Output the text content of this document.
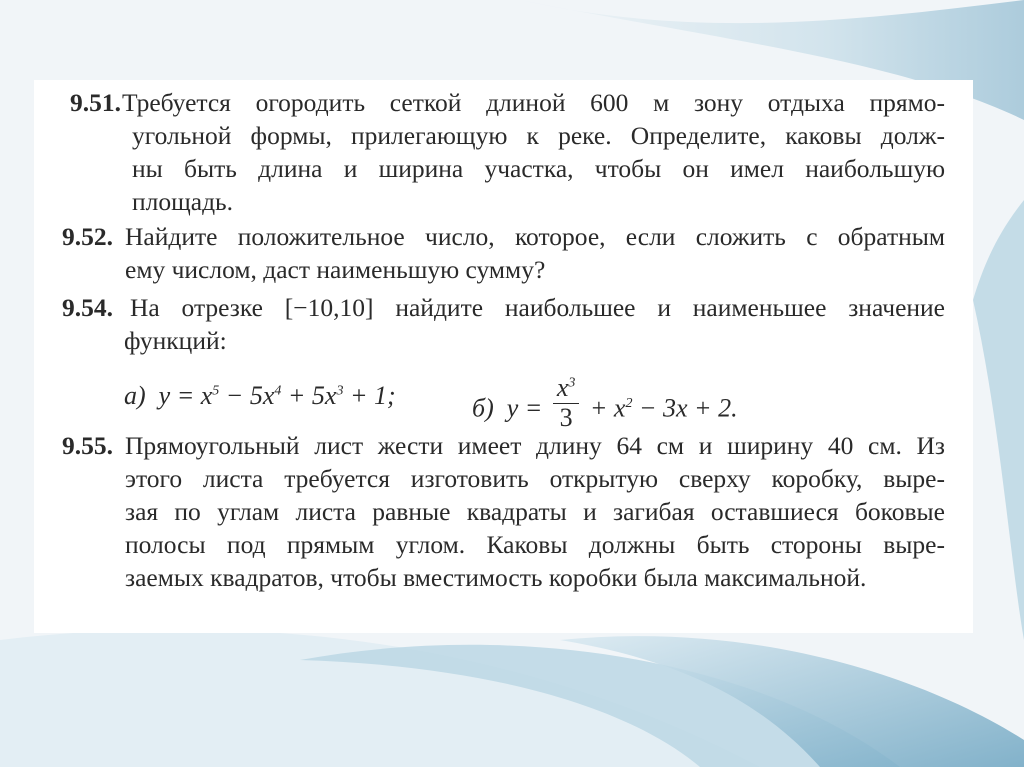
9.51. Требуется огородить сеткой длиной 600 м зону отдыха прямо-
угольной формы, прилегающую к реке. Определите, каковы долж-
ны быть длина и ширина участка, чтобы он имел наибольшую
площадь.
9.52. Найдите положительное число, которое, если сложить с обратным
ему числом, даст наименьшую сумму?
9.54. На отрезке [−10,10] найдите наибольшее и наименьшее значение
функций:
а)  $y = x^5 - 5x^4 + 5x^3 + 1$;	б)  $y = \frac{x^3}{3} + x^2 - 3x + 2$.
9.55. Прямоугольный лист жести имеет длину 64 см и ширину 40 см. Из
этого листа требуется изготовить открытую сверху коробку, выре-
зая по углам листа равные квадраты и загибая оставшиеся боковые
полосы под прямым углом. Каковы должны быть стороны выре-
заемых квадратов, чтобы вместимость коробки была максимальной.
